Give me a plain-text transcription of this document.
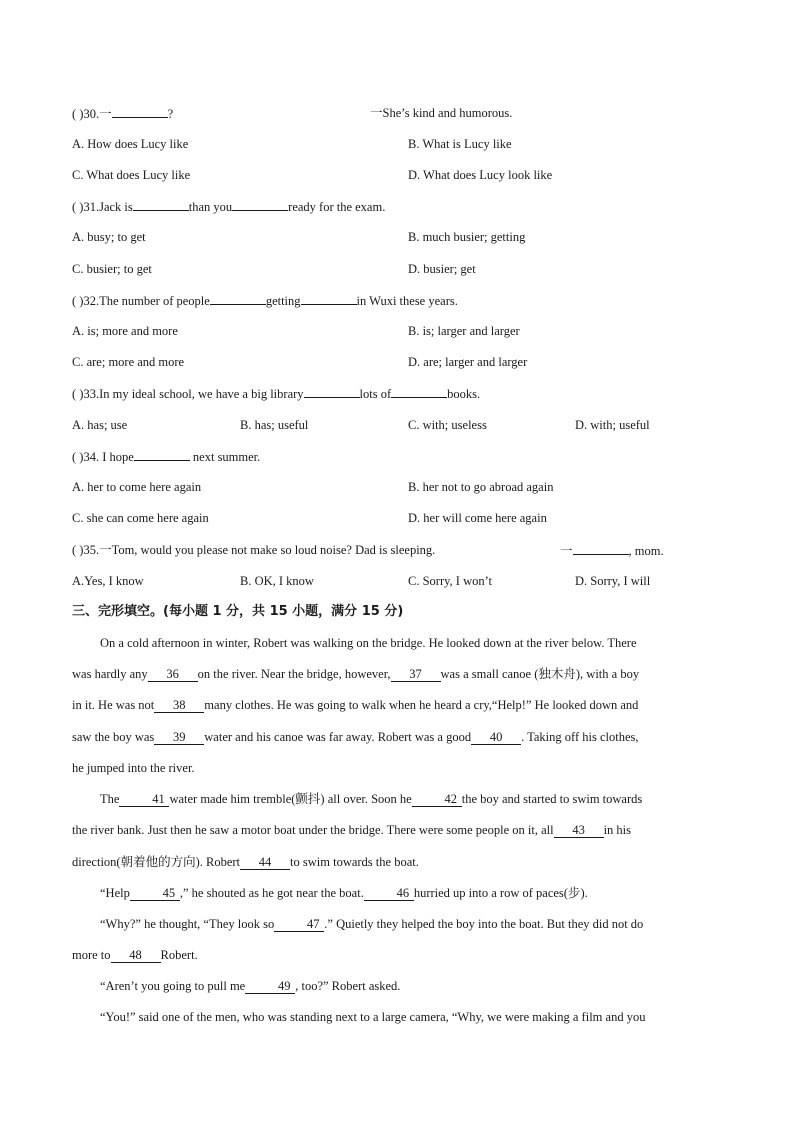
( )30.一	?	一She’s kind and humorous.
A. How does Lucy like	B. What is Lucy like
C. What does Lucy like	D. What does Lucy look like
( )31.Jack is	than you	ready for the exam.
A. busy; to get	B. much busier; getting
C. busier; to get	D. busier; get
( )32.The number of people	getting	in Wuxi these years.
A. is; more and more	B. is; larger and larger
C. are; more and more	D. are; larger and larger
( )33.In my ideal school, we have a big library	lots of	books.
A. has; use	B. has; useful	C. with; useless	D. with; useful
( )34. I hope	next summer.
A. her to come here again	B. her not to go abroad again
C. she can come here again	D. her will come here again
( )35.一Tom, would you please not make so loud noise? Dad is sleeping.	一	, mom.
A.Yes, I know	B. OK, I know	C. Sorry, I won’t	D. Sorry, I will
三、完形填空。(每小题 1 分，共 15 小题，满分 15 分)
On a cold afternoon in winter, Robert was walking on the bridge. He looked down at the river below. There
was hardly any 36 on the river. Near the bridge, however, 37 was a small canoe (独木舟), with a boy
in it. He was not 38 many clothes. He was going to walk when he heard a cry,“Help!” He looked down and
saw the boy was 39 water and his canoe was far away. Robert was a good 40 . Taking off his clothes,
he jumped into the river.
The	41 water made him tremble(颤抖) all over. Soon he	42 the boy and started to swim towards
the river bank. Just then he saw a motor boat under the bridge. There were some people on it, all 43 in his
direction(朝着他的方向). Robert 44 to swim towards the boat.
“Help	45 ,” he shouted as he got near the boat.	46 hurried up into a row of paces(步).
“Why?” he thought, “They look so	47 .” Quietly they helped the boy into the boat. But they did not do
more to 48 Robert.
“Aren’t you going to pull me	49 , too?” Robert asked.
“You!” said one of the men, who was standing next to a large camera, “Why, we were making a film and you
